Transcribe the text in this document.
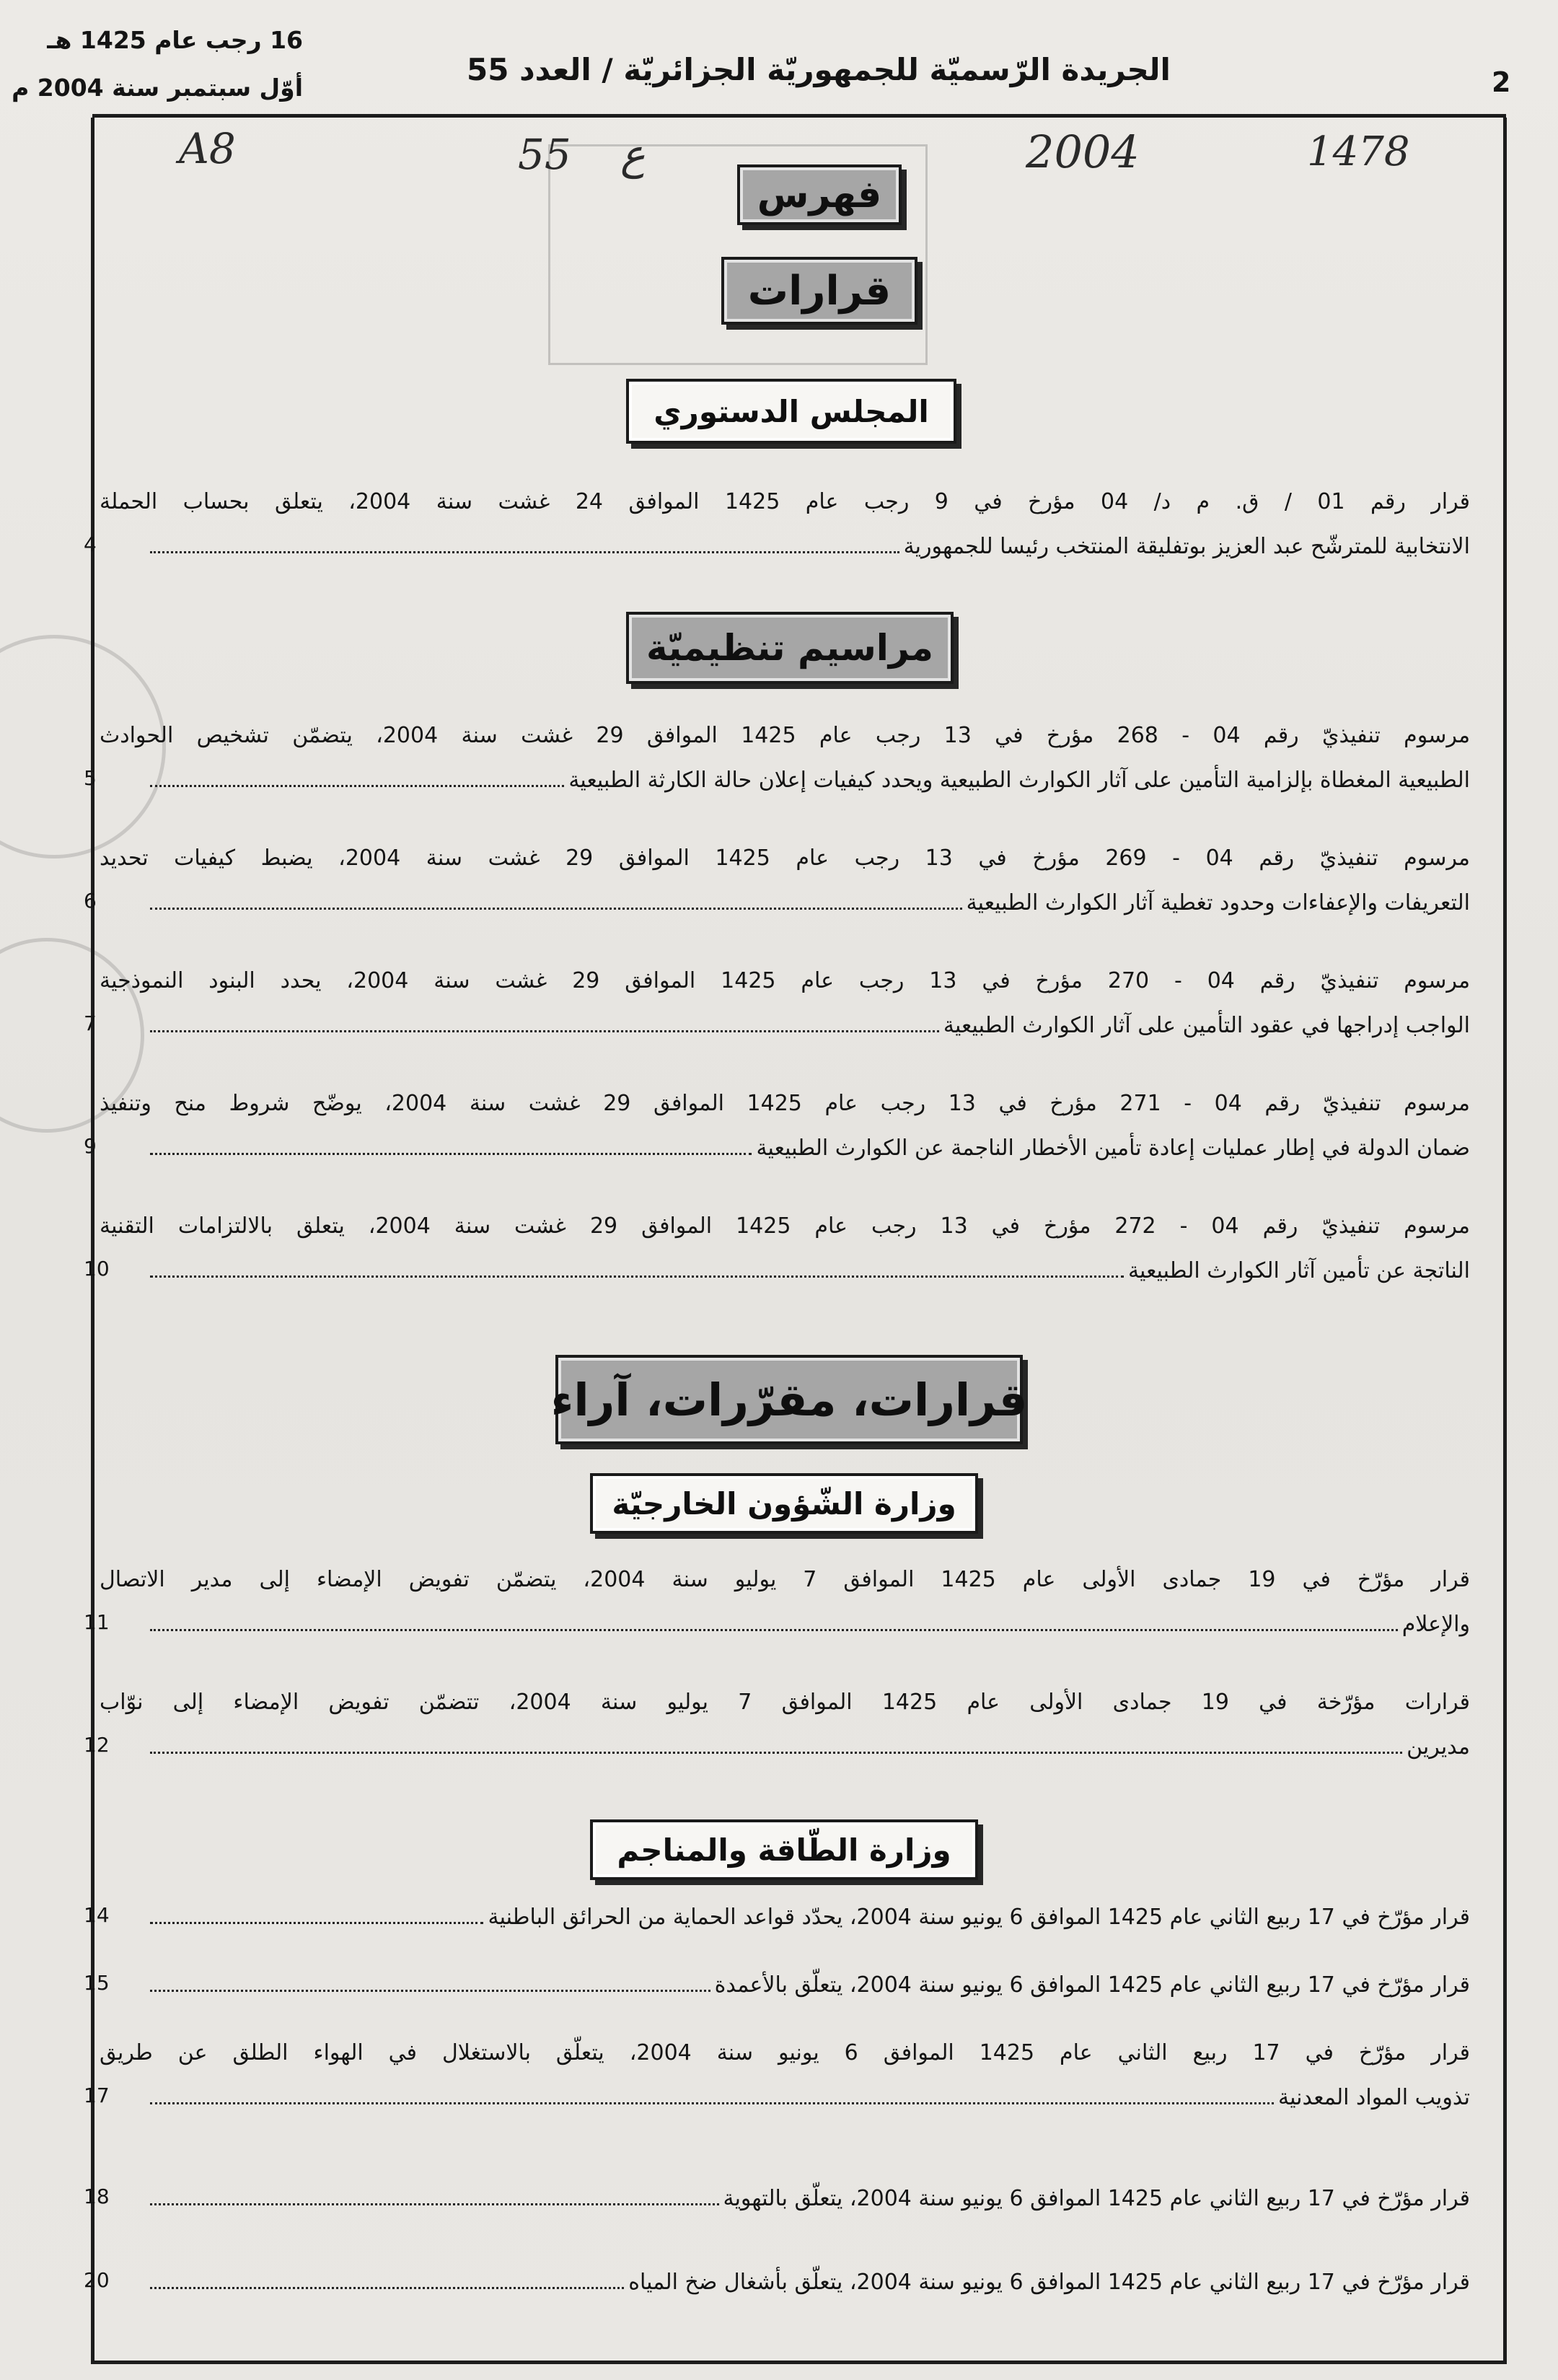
2
الجريدة الرّسميّة للجمهوريّة الجزائريّة / العدد 55
16 رجب عام 1425 هـ
أوّل سبتمبر سنة 2004 م
A8	55 ع	2004	1478
فهرس
قرارات
المجلس الدستوري
قرار رقم 01 / ق. م د/ 04 مؤرخ في 9 رجب عام 1425 الموافق 24 غشت سنة 2004، يتعلق بحساب الحملة
الانتخابية للمترشّح عبد العزيز بوتفليقة المنتخب رئيسا للجمهورية
4
مراسيم تنظيميّة
مرسوم تنفيذيّ رقم 04 - 268 مؤرخ في 13 رجب عام 1425 الموافق 29 غشت سنة 2004، يتضمّن تشخيص الحوادث
الطبيعية المغطاة بإلزامية التأمين على آثار الكوارث الطبيعية ويحدد كيفيات إعلان حالة الكارثة الطبيعية
5
مرسوم تنفيذيّ رقم 04 - 269 مؤرخ في 13 رجب عام 1425 الموافق 29 غشت سنة 2004، يضبط كيفيات تحديد
التعريفات والإعفاءات وحدود تغطية آثار الكوارث الطبيعية
6
مرسوم تنفيذيّ رقم 04 - 270 مؤرخ في 13 رجب عام 1425 الموافق 29 غشت سنة 2004، يحدد البنود النموذجية
الواجب إدراجها في عقود التأمين على آثار الكوارث الطبيعية
7
مرسوم تنفيذيّ رقم 04 - 271 مؤرخ في 13 رجب عام 1425 الموافق 29 غشت سنة 2004، يوضّح شروط منح وتنفيذ
ضمان الدولة في إطار عمليات إعادة تأمين الأخطار الناجمة عن الكوارث الطبيعية
9
مرسوم تنفيذيّ رقم 04 - 272 مؤرخ في 13 رجب عام 1425 الموافق 29 غشت سنة 2004، يتعلق بالالتزامات التقنية
الناتجة عن تأمين آثار الكوارث الطبيعية
10
قرارات، مقرّرات، آراء
وزارة الشّؤون الخارجيّة
قرار مؤرّخ في 19 جمادى الأولى عام 1425 الموافق 7 يوليو سنة 2004، يتضمّن تفويض الإمضاء إلى مدير الاتصال
والإعلام
11
قرارات مؤرّخة في 19 جمادى الأولى عام 1425 الموافق 7 يوليو سنة 2004، تتضمّن تفويض الإمضاء إلى نوّاب
مديرين
12
وزارة الطّاقة والمناجم
قرار مؤرّخ في 17 ربيع الثاني عام 1425 الموافق 6 يونيو سنة 2004، يحدّد قواعد الحماية من الحرائق الباطنية
14
قرار مؤرّخ في 17 ربيع الثاني عام 1425 الموافق 6 يونيو سنة 2004، يتعلّق بالأعمدة
15
قرار مؤرّخ في 17 ربيع الثاني عام 1425 الموافق 6 يونيو سنة 2004، يتعلّق بالاستغلال في الهواء الطلق عن طريق
تذويب المواد المعدنية
17
قرار مؤرّخ في 17 ربيع الثاني عام 1425 الموافق 6 يونيو سنة 2004، يتعلّق بالتهوية
18
قرار مؤرّخ في 17 ربيع الثاني عام 1425 الموافق 6 يونيو سنة 2004، يتعلّق بأشغال ضخ المياه
20
